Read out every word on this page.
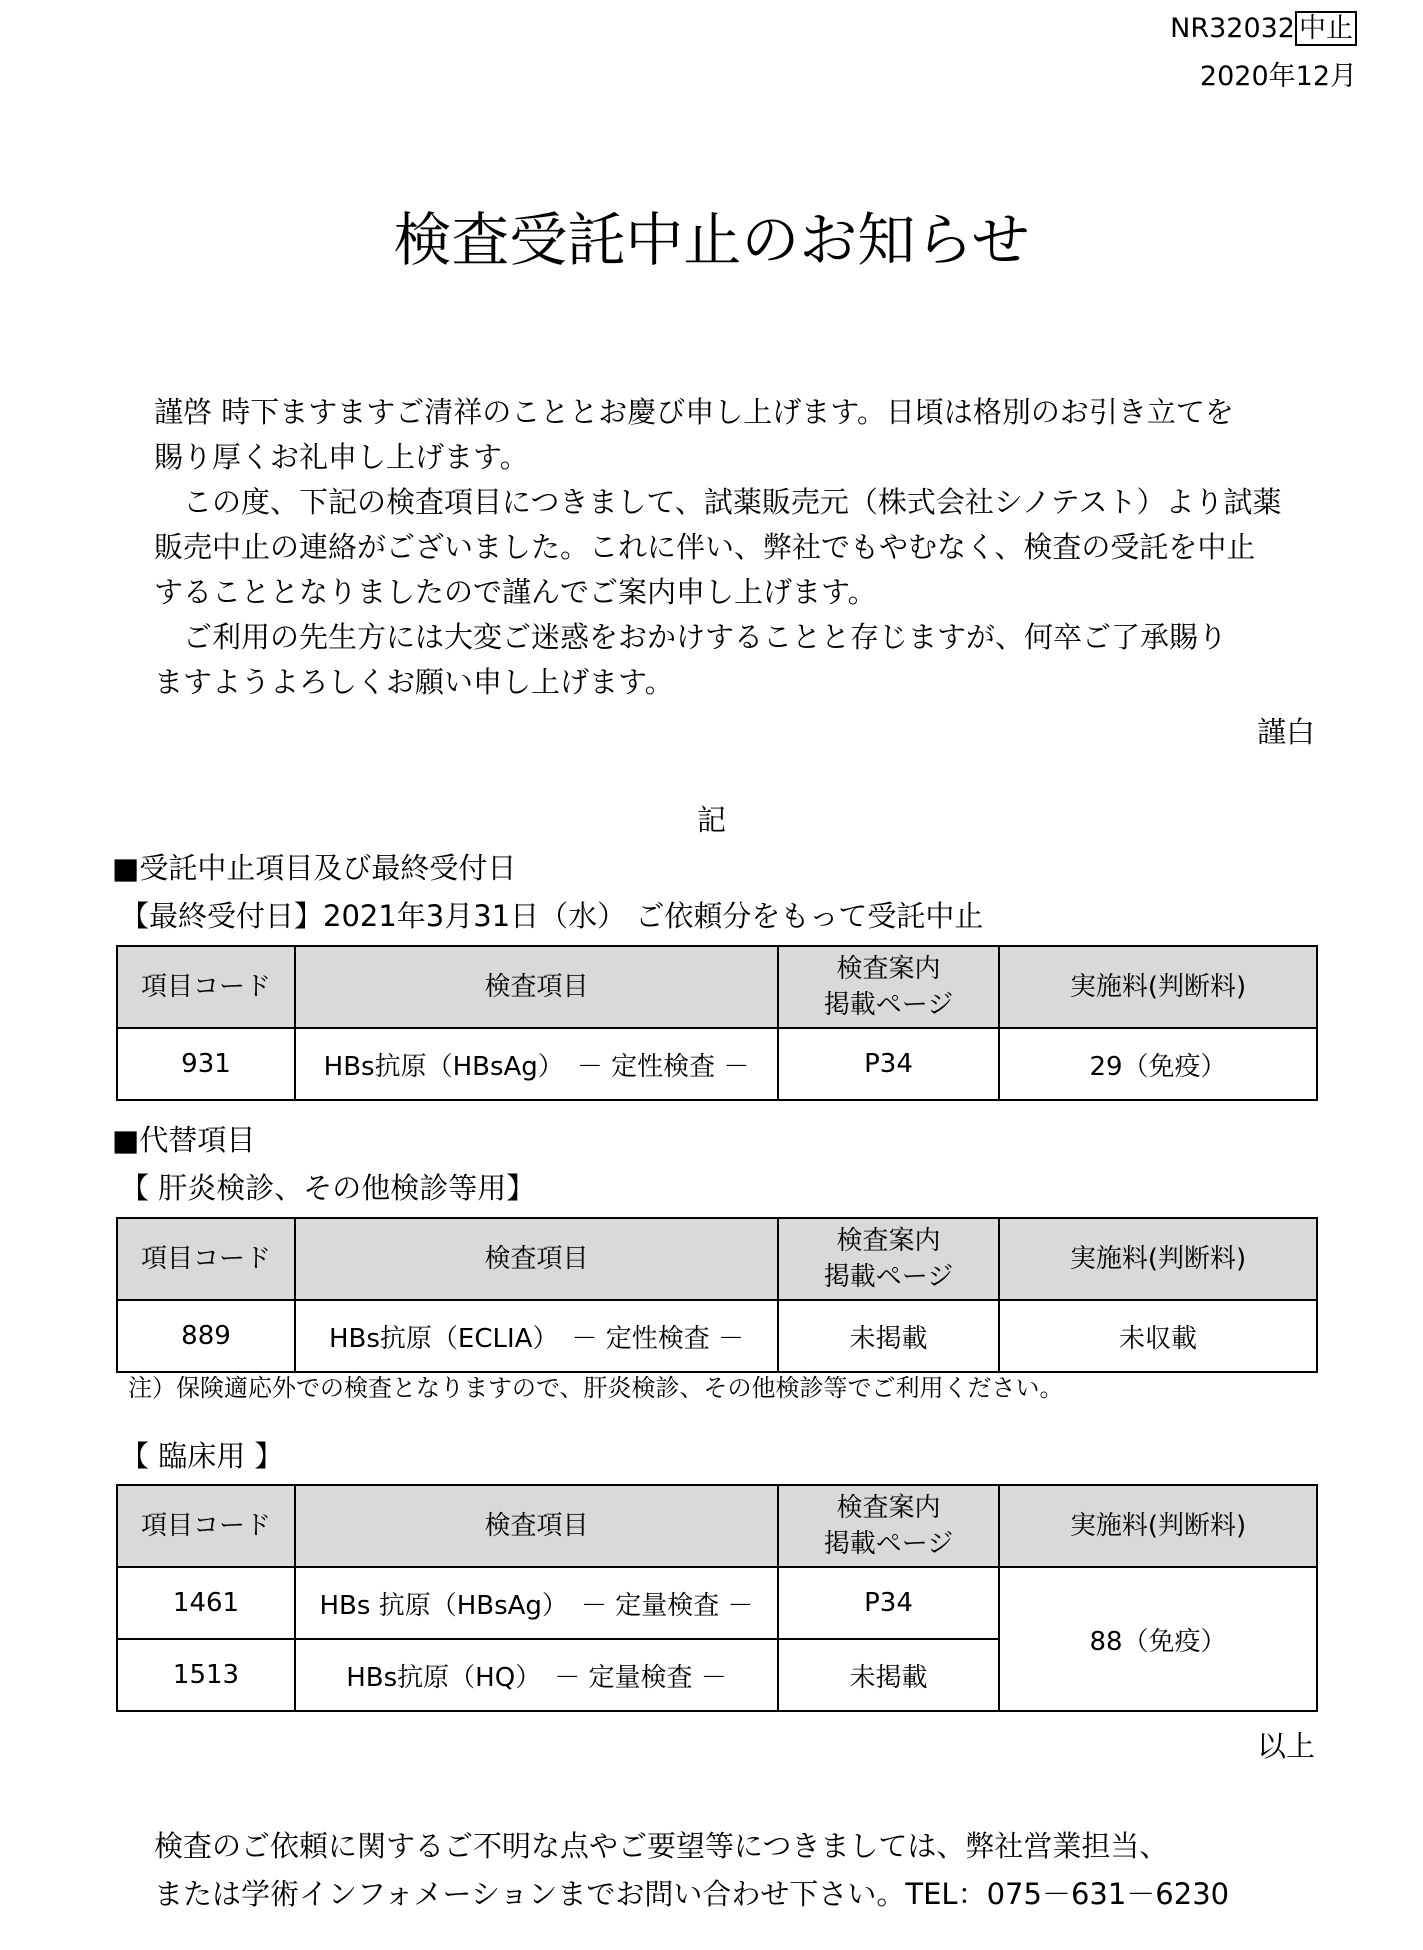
NR32032 中止
2020年12月
検査受託中止のお知らせ
謹啓 時下ますますご清祥のこととお慶び申し上げます。日頃は格別のお引き立てを
賜り厚くお礼申し上げます。
　この度、下記の検査項目につきまして、試薬販売元（株式会社シノテスト）より試薬
販売中止の連絡がございました。これに伴い、弊社でもやむなく、検査の受託を中止
することとなりましたので謹んでご案内申し上げます。
　ご利用の先生方には大変ご迷惑をおかけすることと存じますが、何卒ご了承賜り
ますようよろしくお願い申し上げます。
謹白
記
■受託中止項目及び最終受付日
【最終受付日】2021年3月31日（水） ご依頼分をもって受託中止
項目コード	検査項目	検査案内
掲載ページ	実施料(判断料)
931	HBs抗原（HBsAg）　 － 定性検査 －	P34	29（免疫）
■代替項目
【 肝炎検診、その他検診等用】
項目コード	検査項目	検査案内
掲載ページ	実施料(判断料)
889	HBs抗原（ECLIA）　 － 定性検査 －	未掲載	未収載
注）保険適応外での検査となりますので、肝炎検診、その他検診等でご利用ください。
【 臨床用 】
項目コード	検査項目	検査案内
掲載ページ	実施料(判断料)
1461	HBs 抗原（HBsAg）　 － 定量検査 －	P34	88（免疫）
1513	HBs抗原（HQ）　 － 定量検査 －	未掲載	
以上
検査のご依頼に関するご不明な点やご要望等につきましては、弊社営業担当、
または学術インフォメーションまでお問い合わせ下さい。TEL：075－631－6230
